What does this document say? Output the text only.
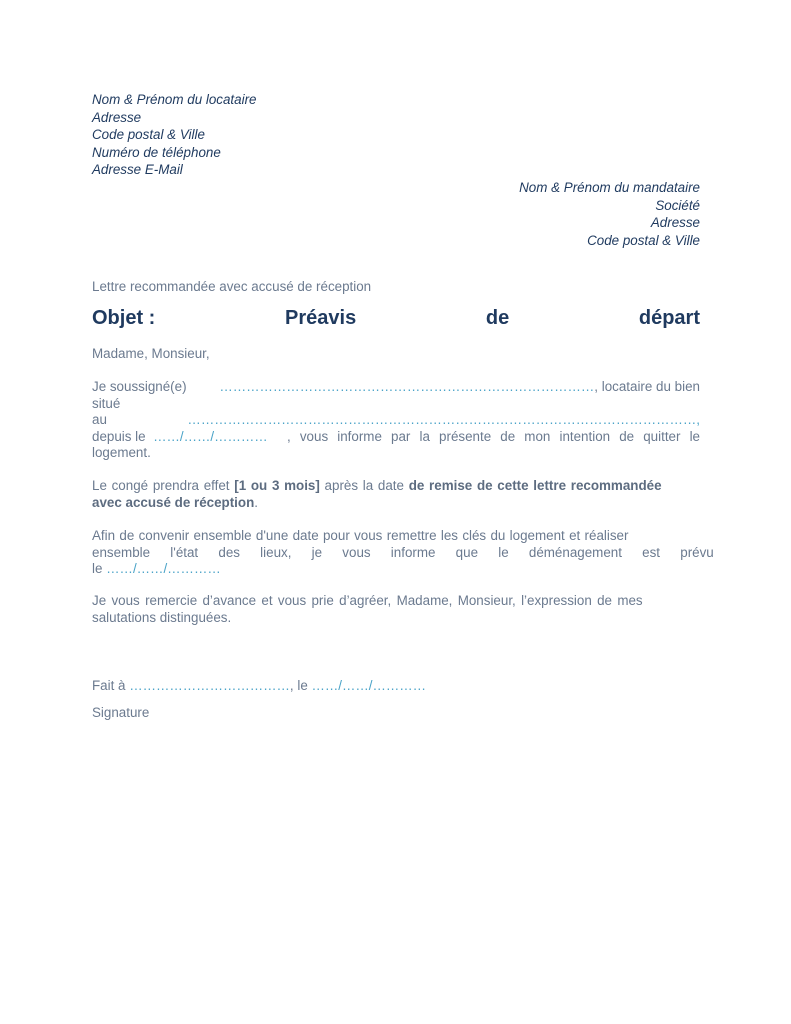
Nom & Prénom du locataire
Adresse
Code postal & Ville
Numéro de téléphone
Adresse E-Mail
Nom & Prénom du mandataire
Société
Adresse
Code postal & Ville
Lettre recommandée avec accusé de réception
Objet :	Préavis	de	départ
Madame, Monsieur,
Je soussigné(e) …………………………………………………………………………, locataire du bien
situé
au	……………………………………………………………………………………………………,
depuis le ……/……/………… , vous informe par la présente de mon intention de quitter le
logement.
Le congé prendra effet [1 ou 3 mois] après la date de remise de cette lettre recommandée
avec accusé de réception.
Afin de convenir ensemble d'une date pour vous remettre les clés du logement et réaliser
ensemble l'état des lieux, je vous informe que le déménagement est prévu
le ……/……/…………
Je vous remercie d’avance et vous prie d’agréer, Madame, Monsieur, l’expression de mes
salutations distinguées.
Fait à ………………………………, le ……/……/…………
Signature
